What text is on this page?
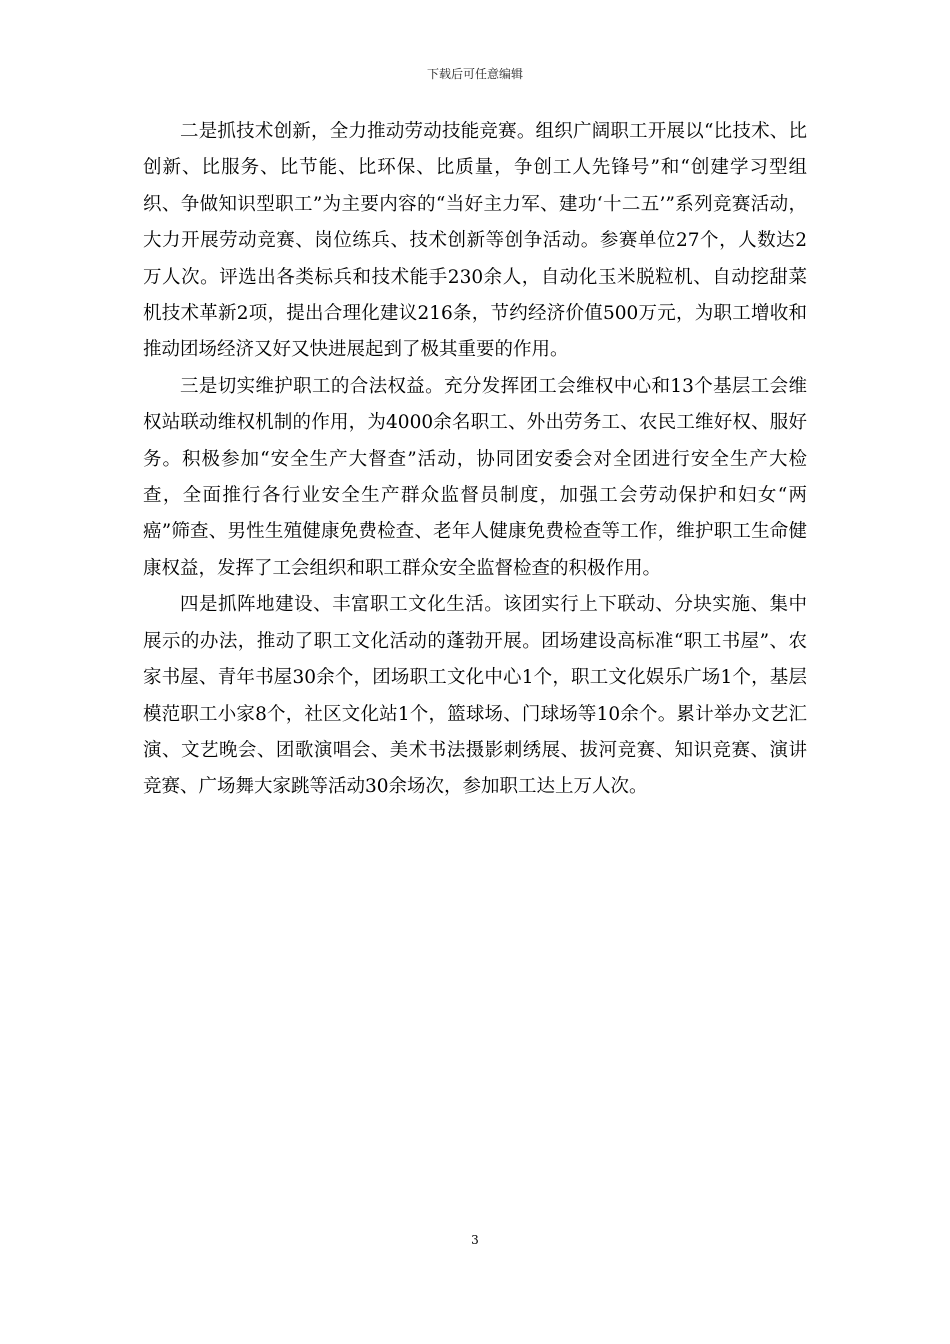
下载后可任意编辑

二是抓技术创新，全力推动劳动技能竞赛。组织广阔职工开展以“比技术、比创新、比服务、比节能、比环保、比质量，争创工人先锋号”和“创建学习型组织、争做知识型职工”为主要内容的“当好主力军、建功‘十二五’”系列竞赛活动，大力开展劳动竞赛、岗位练兵、技术创新等创争活动。参赛单位27个，人数达2万人次。评选出各类标兵和技术能手230余人，自动化玉米脱粒机、自动挖甜菜机技术革新2项，提出合理化建议216条，节约经济价值500万元，为职工增收和推动团场经济又好又快进展起到了极其重要的作用。

三是切实维护职工的合法权益。充分发挥团工会维权中心和13个基层工会维权站联动维权机制的作用，为4000余名职工、外出劳务工、农民工维好权、服好务。积极参加“安全生产大督查”活动，协同团安委会对全团进行安全生产大检查，全面推行各行业安全生产群众监督员制度，加强工会劳动保护和妇女“两癌”筛查、男性生殖健康免费检查、老年人健康免费检查等工作，维护职工生命健康权益，发挥了工会组织和职工群众安全监督检查的积极作用。

四是抓阵地建设、丰富职工文化生活。该团实行上下联动、分块实施、集中展示的办法，推动了职工文化活动的蓬勃开展。团场建设高标准“职工书屋”、农家书屋、青年书屋30余个，团场职工文化中心1个，职工文化娱乐广场1个，基层模范职工小家8个，社区文化站1个，篮球场、门球场等10余个。累计举办文艺汇演、文艺晚会、团歌演唱会、美术书法摄影刺绣展、拔河竞赛、知识竞赛、演讲竞赛、广场舞大家跳等活动30余场次，参加职工达上万人次。

3
